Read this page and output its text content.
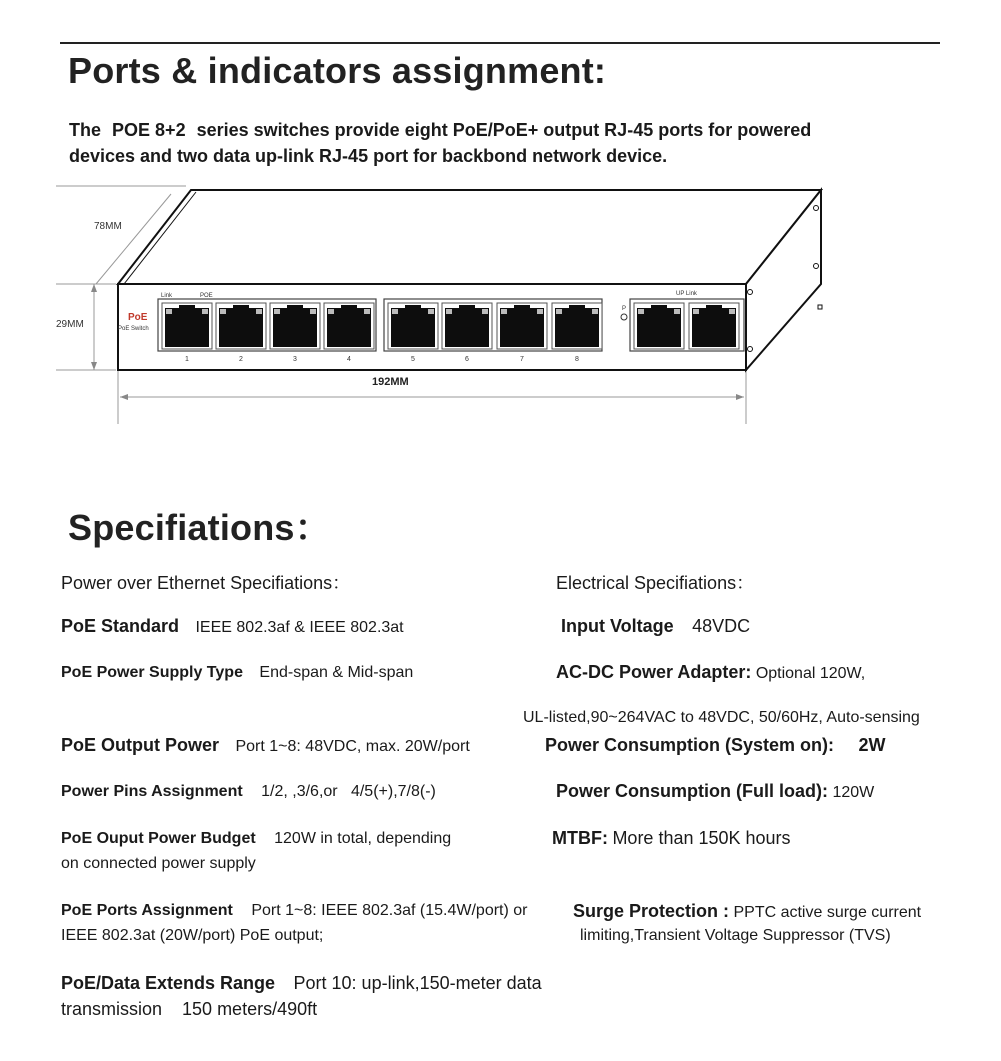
Ports & indicators assignment:
The POE 8+2 series switches provide eight PoE/PoE+ output RJ-45 ports for powered
devices and two data up-link RJ-45 port for backbond network device.
PoE
PoE Switch
Link	POE	UP Link
P
1	2	3	4	5	6	7	8
78MM
29MM
192MM
Specifiations：
Power over Ethernet Specifiations：
PoE Standard IEEE 802.3af & IEEE 802.3at
PoE Power Supply Type End-span & Mid-span
PoE Output Power Port 1~8: 48VDC, max. 20W/port
Power Pins Assignment 1/2, ,3/6,or   4/5(+),7/8(-)
PoE Ouput Power Budget 120W in total, depending
on connected power supply
PoE Ports Assignment Port 1~8: IEEE 802.3af (15.4W/port) or
IEEE 802.3at (20W/port) PoE output;
PoE/Data Extends Range Port 10: up-link,150-meter data
transmission    150 meters/490ft
Electrical Specifiations：
Input Voltage 48VDC
AC-DC Power Adapter: Optional 120W,
UL-listed,90~264VAC to 48VDC, 50/60Hz, Auto-sensing
Power Consumption (System on): 2W
Power Consumption (Full load): 120W
MTBF: More than 150K hours
Surge Protection : PPTC active surge current
limiting,Transient Voltage Suppressor (TVS)
